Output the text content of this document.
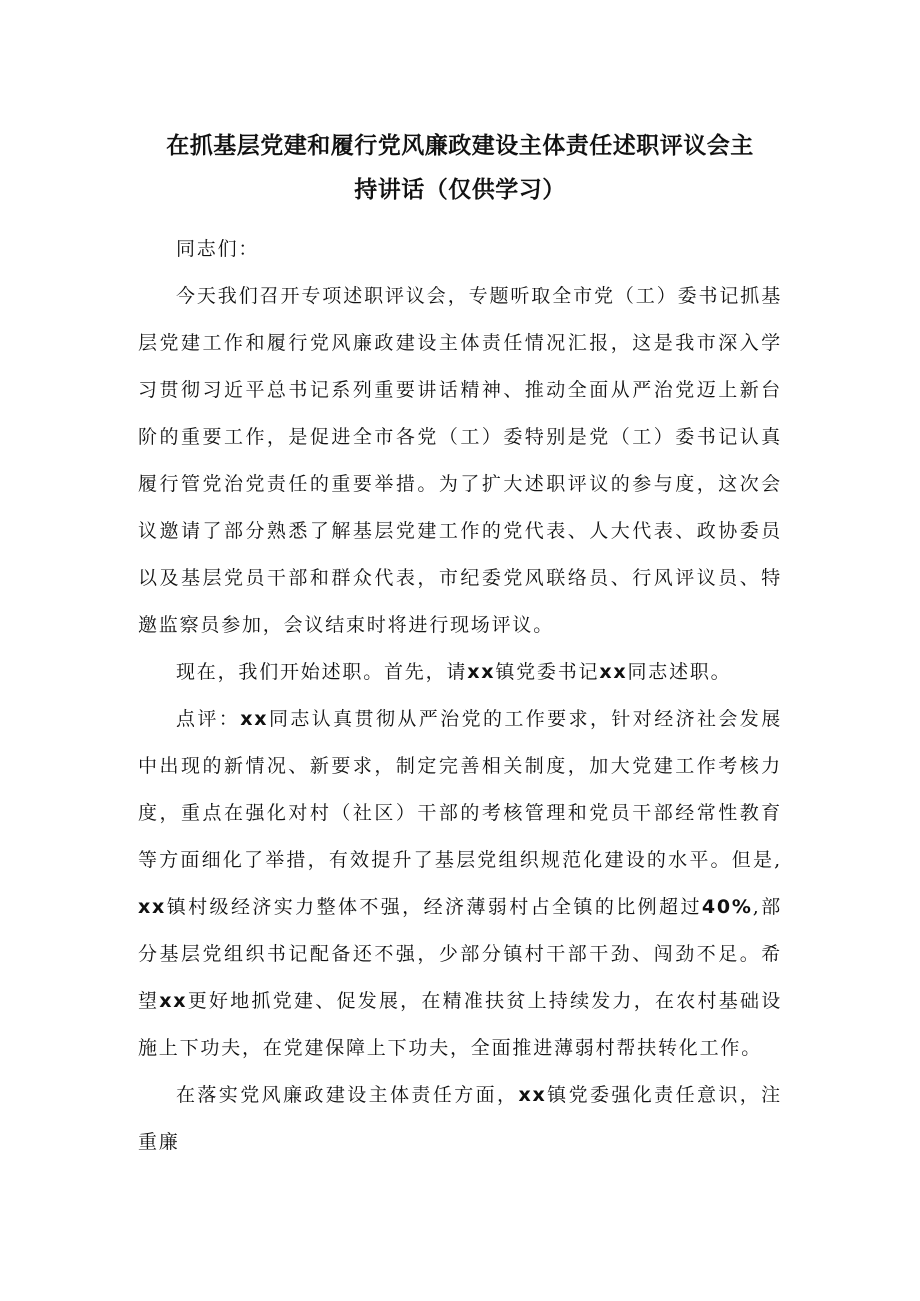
在抓基层党建和履行党风廉政建设主体责任述职评议会主
持讲话（仅供学习）

同志们：

今天我们召开专项述职评议会，专题听取全市党（工）委书记抓基层党建工作和履行党风廉政建设主体责任情况汇报，这是我市深入学习贯彻习近平总书记系列重要讲话精神、推动全面从严治党迈上新台阶的重要工作，是促进全市各党（工）委特别是党（工）委书记认真履行管党治党责任的重要举措。为了扩大述职评议的参与度，这次会议邀请了部分熟悉了解基层党建工作的党代表、人大代表、政协委员以及基层党员干部和群众代表，市纪委党风联络员、行风评议员、特邀监察员参加，会议结束时将进行现场评议。

现在，我们开始述职。首先，请xx镇党委书记xx同志述职。

点评：xx同志认真贯彻从严治党的工作要求，针对经济社会发展中出现的新情况、新要求，制定完善相关制度，加大党建工作考核力度，重点在强化对村（社区）干部的考核管理和党员干部经常性教育等方面细化了举措，有效提升了基层党组织规范化建设的水平。但是,xx镇村级经济实力整体不强，经济薄弱村占全镇的比例超过40%,部分基层党组织书记配备还不强，少部分镇村干部干劲、闯劲不足。希望xx更好地抓党建、促发展，在精准扶贫上持续发力，在农村基础设施上下功夫，在党建保障上下功夫，全面推进薄弱村帮扶转化工作。

在落实党风廉政建设主体责任方面，xx镇党委强化责任意识，注重廉
